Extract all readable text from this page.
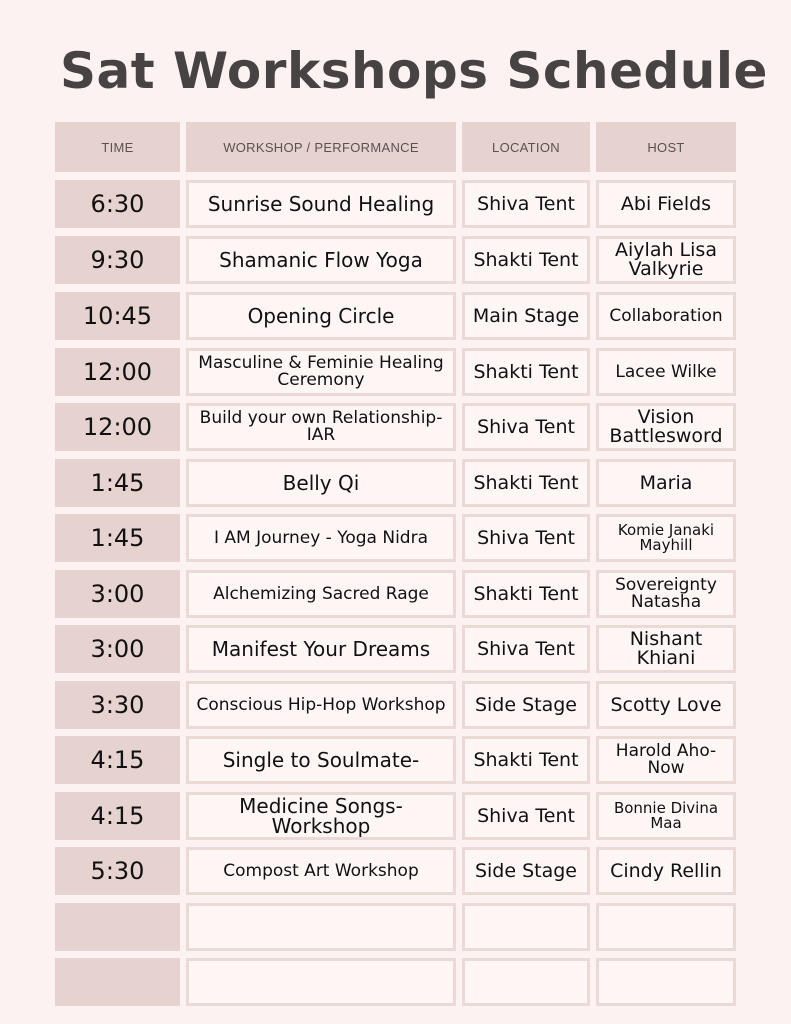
Sat Workshops Schedule
TIME	WORKSHOP / PERFORMANCE	LOCATION	HOST
6:30	Sunrise Sound Healing	Shiva Tent	Abi Fields
9:30	Shamanic Flow Yoga	Shakti Tent	Aiylah Lisa Valkyrie
10:45	Opening Circle	Main Stage	Collaboration
12:00	Masculine & Feminie Healing Ceremony	Shakti Tent	Lacee Wilke
12:00	Build your own Relationship- IAR	Shiva Tent	Vision Battlesword
1:45	Belly Qi	Shakti Tent	Maria
1:45	I AM Journey - Yoga Nidra	Shiva Tent	Komie Janaki Mayhill
3:00	Alchemizing Sacred Rage	Shakti Tent	Sovereignty Natasha
3:00	Manifest Your Dreams	Shiva Tent	Nishant Khiani
3:30	Conscious Hip-Hop Workshop	Side Stage	Scotty Love
4:15	Single to Soulmate-	Shakti Tent	Harold Aho-Now
4:15	Medicine Songs- Workshop	Shiva Tent	Bonnie Divina Maa
5:30	Compost Art Workshop	Side Stage	Cindy Rellin
